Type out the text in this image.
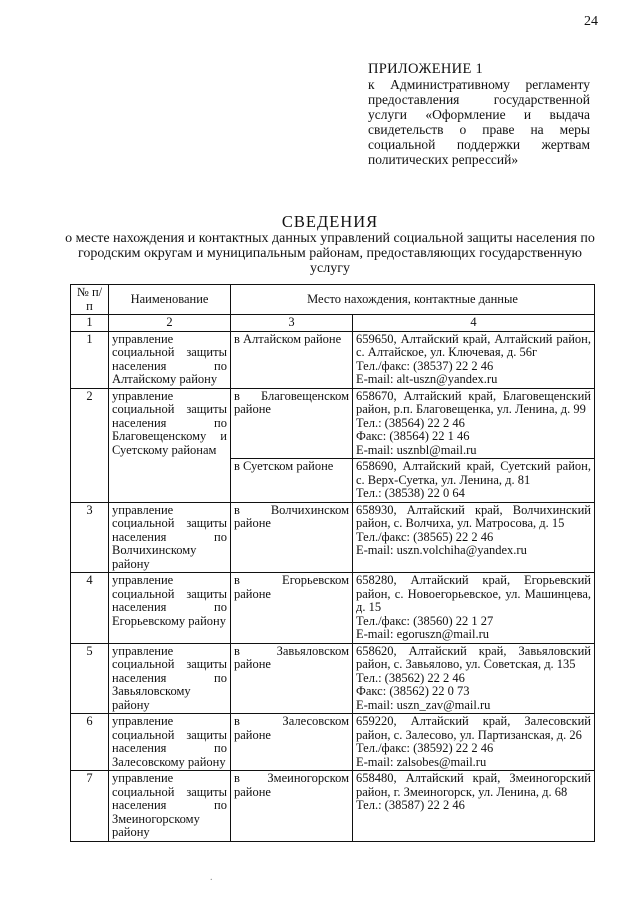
24
ПРИЛОЖЕНИЕ 1
к Административному регламенту предоставления государственной услуги «Оформление и выдача свидетельств о праве на меры социальной поддержки жертвам политических репрессий»
СВЕДЕНИЯ
о месте нахождения и контактных данных управлений социальной защиты населения по городским округам и муниципальным районам, предоставляющих государственную услугу
№ п/п	Наименование	Место нахождения, контактные данные	
1	2	3	4
1	управление социальной защиты населения по Алтайскому району	в Алтайском районе	659650, Алтайский край, Алтайский район, с. Алтайское, ул. Ключевая, д. 56г
Тел./факс: (38537) 22 2 46
E-mail: alt-uszn@yandex.ru

2	управление социальной защиты населения по Благовещенскому и Суетскому районам	в Благовещенском районе	658670, Алтайский край, Благовещенский район, р.п. Благовещенка, ул. Ленина, д. 99
Тел.: (38564) 22 2 46
Факс: (38564) 22 1 46
E-mail: usznbl@mail.ru

		в Суетском районе	658690, Алтайский край, Суетский район, с. Верх-Суетка, ул. Ленина, д. 81
Тел.: (38538) 22 0 64

3	управление социальной защиты населения по Волчихинскому району	в Волчихинском районе	658930, Алтайский край, Волчихинский район, с. Волчиха, ул. Матросова, д. 15
Тел./факс: (38565) 22 2 46
E-mail: uszn.volchiha@yandex.ru

4	управление социальной защиты населения по Егорьевскому району	в Егорьевском районе	658280, Алтайский край, Егорьевский район, с. Новоегорьевское, ул. Машинцева, д. 15
Тел./факс: (38560) 22 1 27
E-mail: egoruszn@mail.ru

5	управление социальной защиты населения по Завьяловскому району	в Завьяловском районе	658620, Алтайский край, Завьяловский район, с. Завьялово, ул. Советская, д. 135
Тел.: (38562) 22 2 46
Факс: (38562) 22 0 73
E-mail: uszn_zav@mail.ru

6	управление социальной защиты населения по Залесовскому району	в Залесовском районе	659220, Алтайский край, Залесовский район, с. Залесово, ул. Партизанская, д. 26
Тел./факс: (38592) 22 2 46
E-mail: zalsobes@mail.ru

7	управление социальной защиты населения по Змеиногорскому району	в Змеиногорском районе	658480, Алтайский край, Змеиногорский район, г. Змеиногорск, ул. Ленина, д. 68
Тел.: (38587) 22 2 46
.
